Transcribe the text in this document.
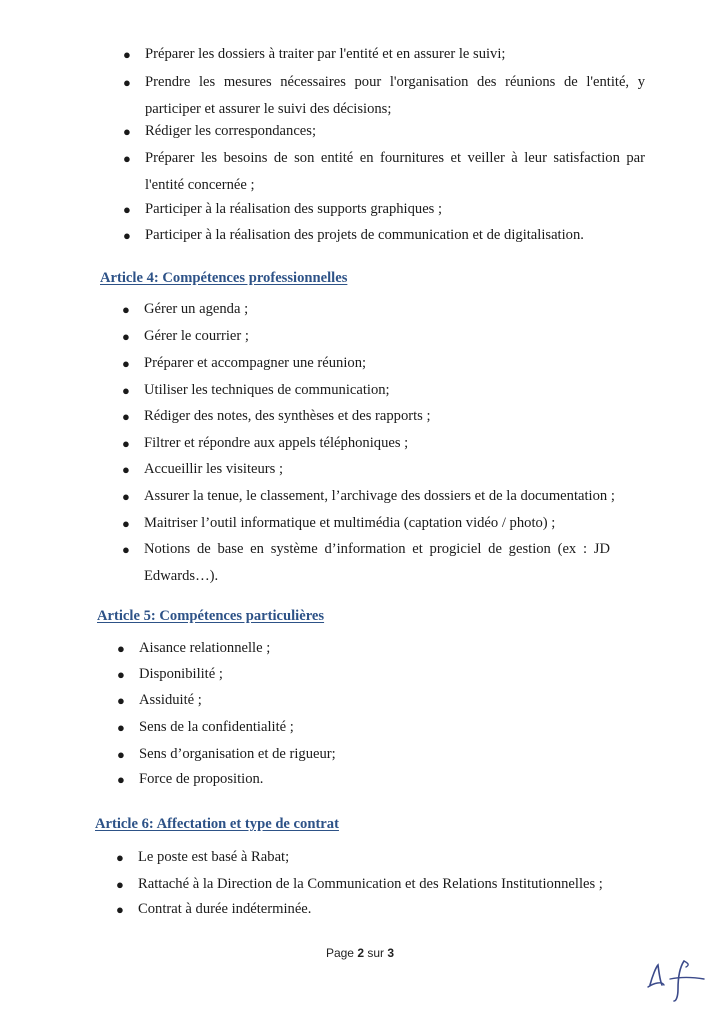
● Préparer les dossiers à traiter par l'entité et en assurer le suivi;
● Prendre les mesures nécessaires pour l'organisation des réunions de l'entité, y participer et assurer le suivi des décisions;
● Rédiger les correspondances;
● Préparer les besoins de son entité en fournitures et veiller à leur satisfaction par l'entité concernée ;
● Participer à la réalisation des supports graphiques ;
● Participer à la réalisation des projets de communication et de digitalisation.
Article 4: Compétences professionnelles
● Gérer un agenda ;
● Gérer le courrier ;
● Préparer et accompagner une réunion;
● Utiliser les techniques de communication;
● Rédiger des notes, des synthèses et des rapports ;
● Filtrer et répondre aux appels téléphoniques ;
● Accueillir les visiteurs ;
● Assurer la tenue, le classement, l’archivage des dossiers et de la documentation ;
● Maitriser l’outil informatique et multimédia (captation vidéo / photo) ;
● Notions de base en système d’information et progiciel de gestion (ex : JD Edwards…).
Article 5: Compétences particulières
● Aisance relationnelle ;
● Disponibilité ;
● Assiduité ;
● Sens de la confidentialité ;
● Sens d’organisation et de rigueur;
● Force de proposition.
Article 6: Affectation et type de contrat
● Le poste est basé à Rabat;
● Rattaché à la Direction de la Communication et des Relations Institutionnelles ;
● Contrat à durée indéterminée.
Page 2 sur 3
